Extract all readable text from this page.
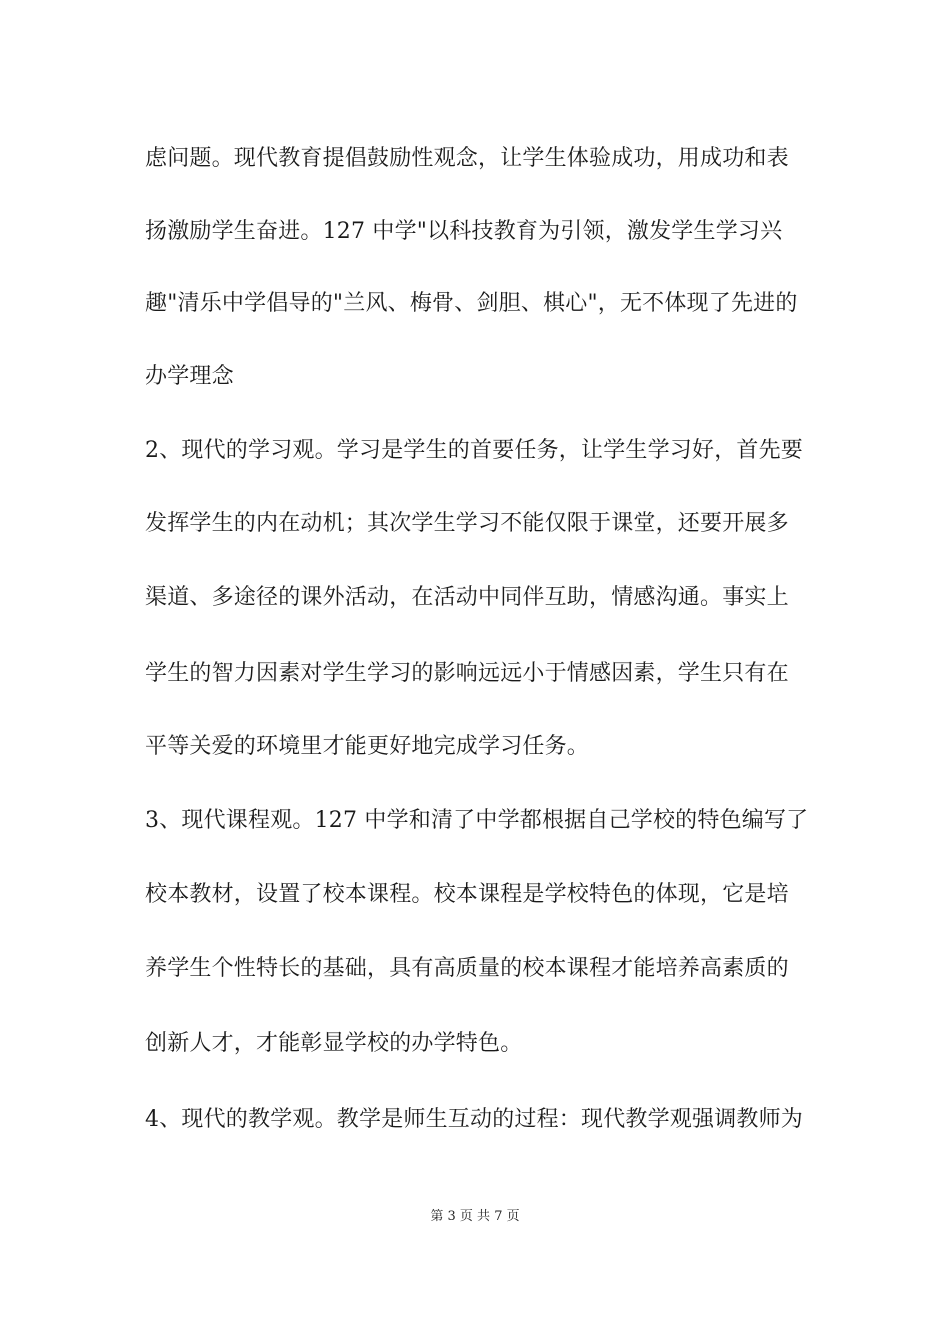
虑问题。现代教育提倡鼓励性观念，让学生体验成功，用成功和表
扬激励学生奋进。127 中学"以科技教育为引领，激发学生学习兴
趣"清乐中学倡导的"兰风、梅骨、剑胆、棋心"，无不体现了先进的
办学理念
2、现代的学习观。学习是学生的首要任务，让学生学习好，首先要
发挥学生的内在动机；其次学生学习不能仅限于课堂，还要开展多
渠道、多途径的课外活动，在活动中同伴互助，情感沟通。事实上
学生的智力因素对学生学习的影响远远小于情感因素，学生只有在
平等关爱的环境里才能更好地完成学习任务。
3、现代课程观。127 中学和清了中学都根据自己学校的特色编写了
校本教材，设置了校本课程。校本课程是学校特色的体现，它是培
养学生个性特长的基础，具有高质量的校本课程才能培养高素质的
创新人才，才能彰显学校的办学特色。
4、现代的教学观。教学是师生互动的过程：现代教学观强调教师为
第 3 页 共 7 页
